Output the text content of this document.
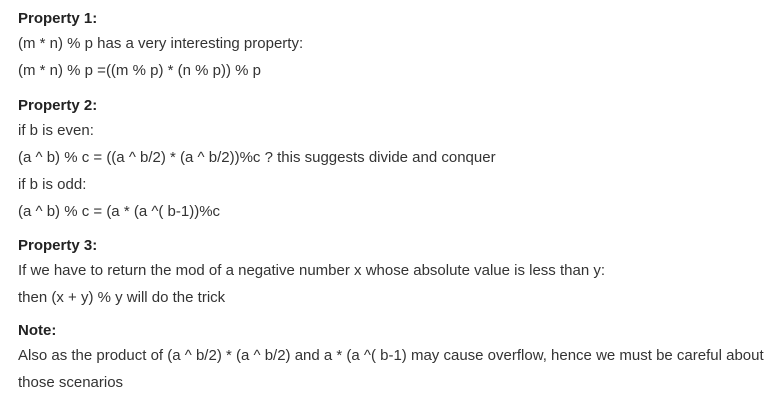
Property 1:
(m * n) % p has a very interesting property:
(m * n) % p =((m % p) * (n % p)) % p
Property 2:
if b is even:
(a ^ b) % c = ((a ^ b/2) * (a ^ b/2))%c ? this suggests divide and conquer
if b is odd:
(a ^ b) % c = (a * (a ^( b-1))%c
Property 3:
If we have to return the mod of a negative number x whose absolute value is less than y:
then (x + y) % y will do the trick
Note:
Also as the product of (a ^ b/2) * (a ^ b/2) and a * (a ^( b-1) may cause overflow, hence we must be careful about those scenarios
